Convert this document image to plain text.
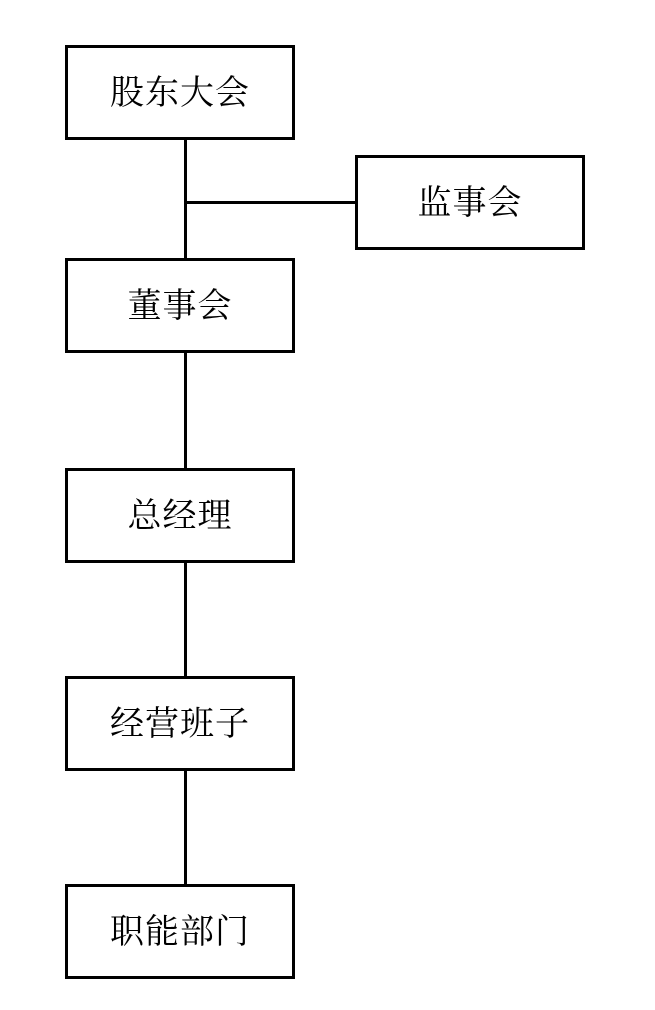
股东大会
监事会
董事会
总经理
经营班子
职能部门
